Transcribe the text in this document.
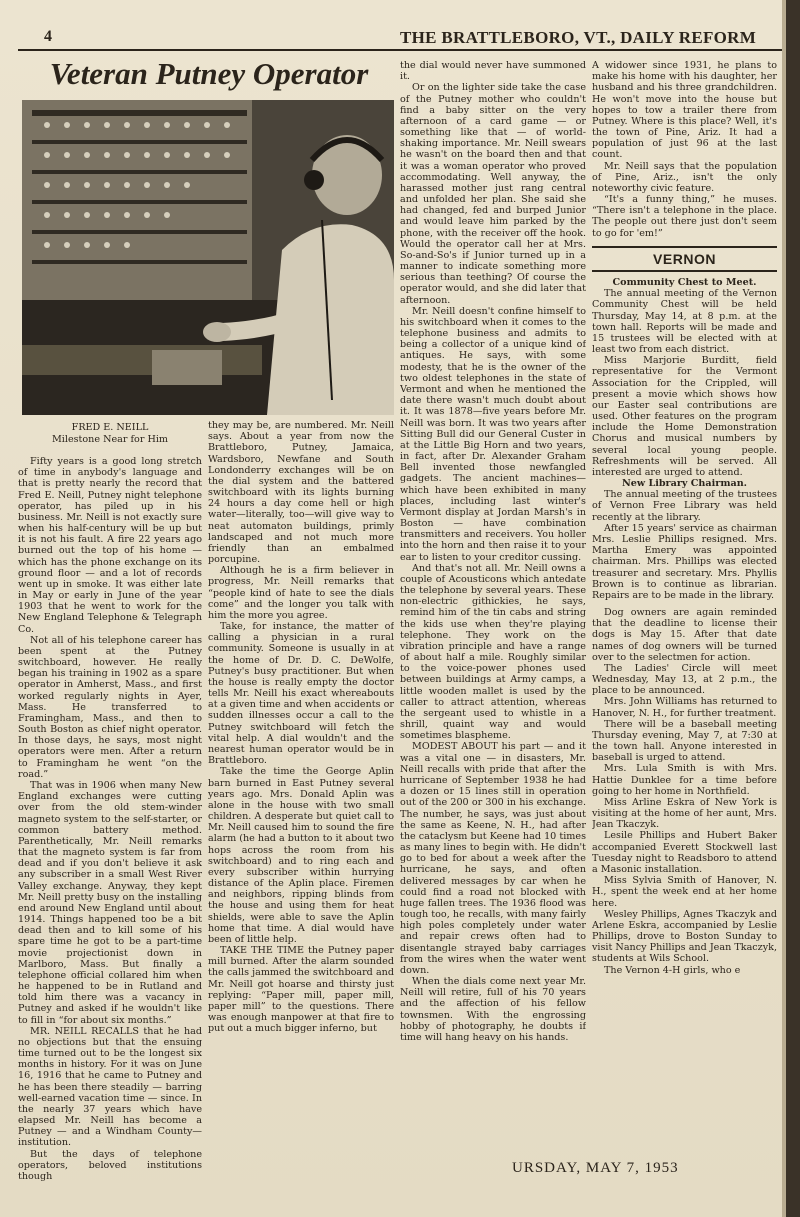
4	THE BRATTLEBORO, VT., DAILY REFORM
Veteran Putney Operator
FRED E. NEILL
Milestone Near for Him

Fifty years is a good long stretch of time in anybody's language and that is pretty nearly the record that Fred E. Neill, Putney night telephone operator, has piled up in his business. Mr. Neill is not exactly sure when his half-century will be up but it is not his fault. A fire 22 years ago burned out the top of his home — which has the phone exchange on its ground floor — and a lot of records went up in smoke. It was either late in May or early in June of the year 1903 that he went to work for the New England Telephone & Telegraph Co.

Not all of his telephone career has been spent at the Putney switchboard, however. He really began his training in 1902 as a spare operator in Amherst, Mass., and first worked regularly nights in Ayer, Mass. He transferred to Framingham, Mass., and then to South Boston as chief night operator. In those days, he says, most night operators were men. After a return to Framingham he went “on the road.”

That was in 1906 when many New England exchanges were cutting over from the old stem-winder magneto system to the self-starter, or common battery method. Parenthetically, Mr. Neill remarks that the magneto system is far from dead and if you don't believe it ask any subscriber in a small West River Valley exchange. Anyway, they kept Mr. Neill pretty busy on the installing end around New England until about 1914. Things happened too be a bit dead then and to kill some of his spare time he got to be a part-time movie projectionist down in Marlboro, Mass. But finally a telephone official collared him when he happened to be in Rutland and told him there was a vacancy in Putney and asked if he wouldn't like to fill in “for about six months.”

MR. NEILL RECALLS that he had no objections but that the ensuing time turned out to be the longest six months in history. For it was on June 16, 1916 that he came to Putney and he has been there steadily — barring well-earned vacation time — since. In the nearly 37 years which have elapsed Mr. Neill has become a Putney — and a Windham County—institution.

But the days of telephone operators, beloved institutions though

they may be, are numbered. Mr. Neill says. About a year from now the Brattleboro, Putney, Jamaica, Wardsboro, Newfane and South Londonderry exchanges will be on the dial system and the battered switchboard with its lights burning 24 hours a day come hell or high water—literally, too—will give way to neat automaton buildings, primly landscaped and not much more friendly than an embalmed porcupine.

Although he is a firm believer in progress, Mr. Neill remarks that “people kind of hate to see the dials come” and the longer you talk with him the more you agree.

Take, for instance, the matter of calling a physician in a rural community. Someone is usually in at the home of Dr. D. C. DeWolfe, Putney's busy practitioner. But when the house is really empty the doctor tells Mr. Neill his exact whereabouts at a given time and when accidents or sudden illnesses occur a call to the Putney switchboard will fetch the vital help. A dial wouldn't and the nearest human operator would be in Brattleboro.

Take the time the George Aplin barn burned in East Putney several years ago. Mrs. Donald Aplin was alone in the house with two small children. A desperate but quiet call to Mr. Neill caused him to sound the fire alarm (he had a button to it about two hops across the room from his switchboard) and to ring each and every subscriber within hurrying distance of the Aplin place. Firemen and neighbors, ripping blinds from the house and using them for heat shields, were able to save the Aplin home that time. A dial would have been of little help.

TAKE THE TIME the Putney paper mill burned. After the alarm sounded the calls jammed the switchboard and Mr. Neill got hoarse and thirsty just replying: “Paper mill, paper mill, paper mill” to the questions. There was enough manpower at that fire to put out a much bigger inferno, but

the dial would never have summoned it.

Or on the lighter side take the case of the Putney mother who couldn't find a baby sitter on the very afternoon of a card game — or something like that — of world-shaking importance. Mr. Neill swears he wasn't on the board then and that it was a woman operator who proved accommodating. Well anyway, the harassed mother just rang central and unfolded her plan. She said she had changed, fed and burped Junior and would leave him parked by the phone, with the receiver off the hook. Would the operator call her at Mrs. So-and-So's if Junior turned up in a manner to indicate something more serious than teething? Of course the operator would, and she did later that afternoon.

Mr. Neill doesn't confine himself to his switchboard when it comes to the telephone business and admits to being a collector of a unique kind of antiques. He says, with some modesty, that he is the owner of the two oldest telephones in the state of Vermont and when he mentioned the date there wasn't much doubt about it. It was 1878—five years before Mr. Neill was born. It was two years after Sitting Bull did our General Custer in at the Little Big Horn and two years, in fact, after Dr. Alexander Graham Bell invented those newfangled gadgets. The ancient machines—which have been exhibited in many places, including last winter's Vermont display at Jordan Marsh's in Boston — have combination transmitters and receivers. You holler into the horn and then raise it to your ear to listen to your creditor cussing.

And that's not all. Mr. Neill owns a couple of Acousticons which antedate the telephone by several years. These non-electric githickies, he says, remind him of the tin cabs and string the kids use when they're playing telephone. They work on the vibration principle and have a range of about half a mile. Roughly similar to the voice-power phones used between buildings at Army camps, a little wooden mallet is used by the caller to attract attention, whereas the sergeant used to whistle in a shrill, quaint way and would sometimes blaspheme.

MODEST ABOUT his part — and it was a vital one — in disasters, Mr. Neill recalls with pride that after the hurricane of September 1938 he had a dozen or 15 lines still in operation out of the 200 or 300 in his exchange. The number, he says, was just about the same as Keene, N. H., had after the cataclysm but Keene had 10 times as many lines to begin with. He didn't go to bed for about a week after the hurricane, he says, and often delivered messages by car when he could find a road not blocked with huge fallen trees. The 1936 flood was tough too, he recalls, with many fairly high poles completely under water and repair crews often had to disentangle strayed baby carriages from the wires when the water went down.

When the dials come next year Mr. Neill will retire, full of his 70 years and the affection of his fellow townsmen. With the engrossing hobby of photography, he doubts if time will hang heavy on his hands.

A widower since 1931, he plans to make his home with his daughter, her husband and his three grandchildren. He won't move into the house but hopes to tow a trailer there from Putney. Where is this place? Well, it's the town of Pine, Ariz. It had a population of just 96 at the last count.

Mr. Neill says that the population of Pine, Ariz., isn't the only noteworthy civic feature.

“It's a funny thing,” he muses. “There isn't a telephone in the place. The people out there just don't seem to go for 'em!”

VERNON

Community Chest to Meet.

The annual meeting of the Vernon Community Chest will be held Thursday, May 14, at 8 p.m. at the town hall. Reports will be made and 15 trustees will be elected with at least two from each district.

Miss Marjorie Burditt, field representative for the Vermont Association for the Crippled, will present a movie which shows how our Easter seal contributions are used. Other features on the program include the Home Demonstration Chorus and musical numbers by several local young people. Refreshments will be served. All interested are urged to attend.

New Library Chairman.

The annual meeting of the trustees of Vernon Free Library was held recently at the library.

After 15 years' service as chairman Mrs. Leslie Phillips resigned. Mrs. Martha Emery was appointed chairman. Mrs. Phillips was elected treasurer and secretary. Mrs. Phyllis Brown is to continue as librarian. Repairs are to be made in the library.

Dog owners are again reminded that the deadline to license their dogs is May 15. After that date names of dog owners will be turned over to the selectmen for action.

The Ladies' Circle will meet Wednesday, May 13, at 2 p.m., the place to be announced.

Mrs. John Williams has returned to Hanover, N. H., for further treatment.

There will be a baseball meeting Thursday evening, May 7, at 7:30 at the town hall. Anyone interested in baseball is urged to attend.

Mrs. Lula Smith is with Mrs. Hattie Dunklee for a time before going to her home in Northfield.

Miss Arline Eskra of New York is visiting at the home of her aunt, Mrs. Jean Tkaczyk.

Lesile Phillips and Hubert Baker accompanied Everett Stockwell last Tuesday night to Readsboro to attend a Masonic installation.

Miss Sylvia Smith of Hanover, N. H., spent the week end at her home here.

Wesley Phillips, Agnes Tkaczyk and Arlene Eskra, accompanied by Leslie Phillips, drove to Boston Sunday to visit Nancy Phillips and Jean Tkaczyk, students at Wils School.

The Vernon 4-H girls, who e

URSDAY, MAY 7, 1953
